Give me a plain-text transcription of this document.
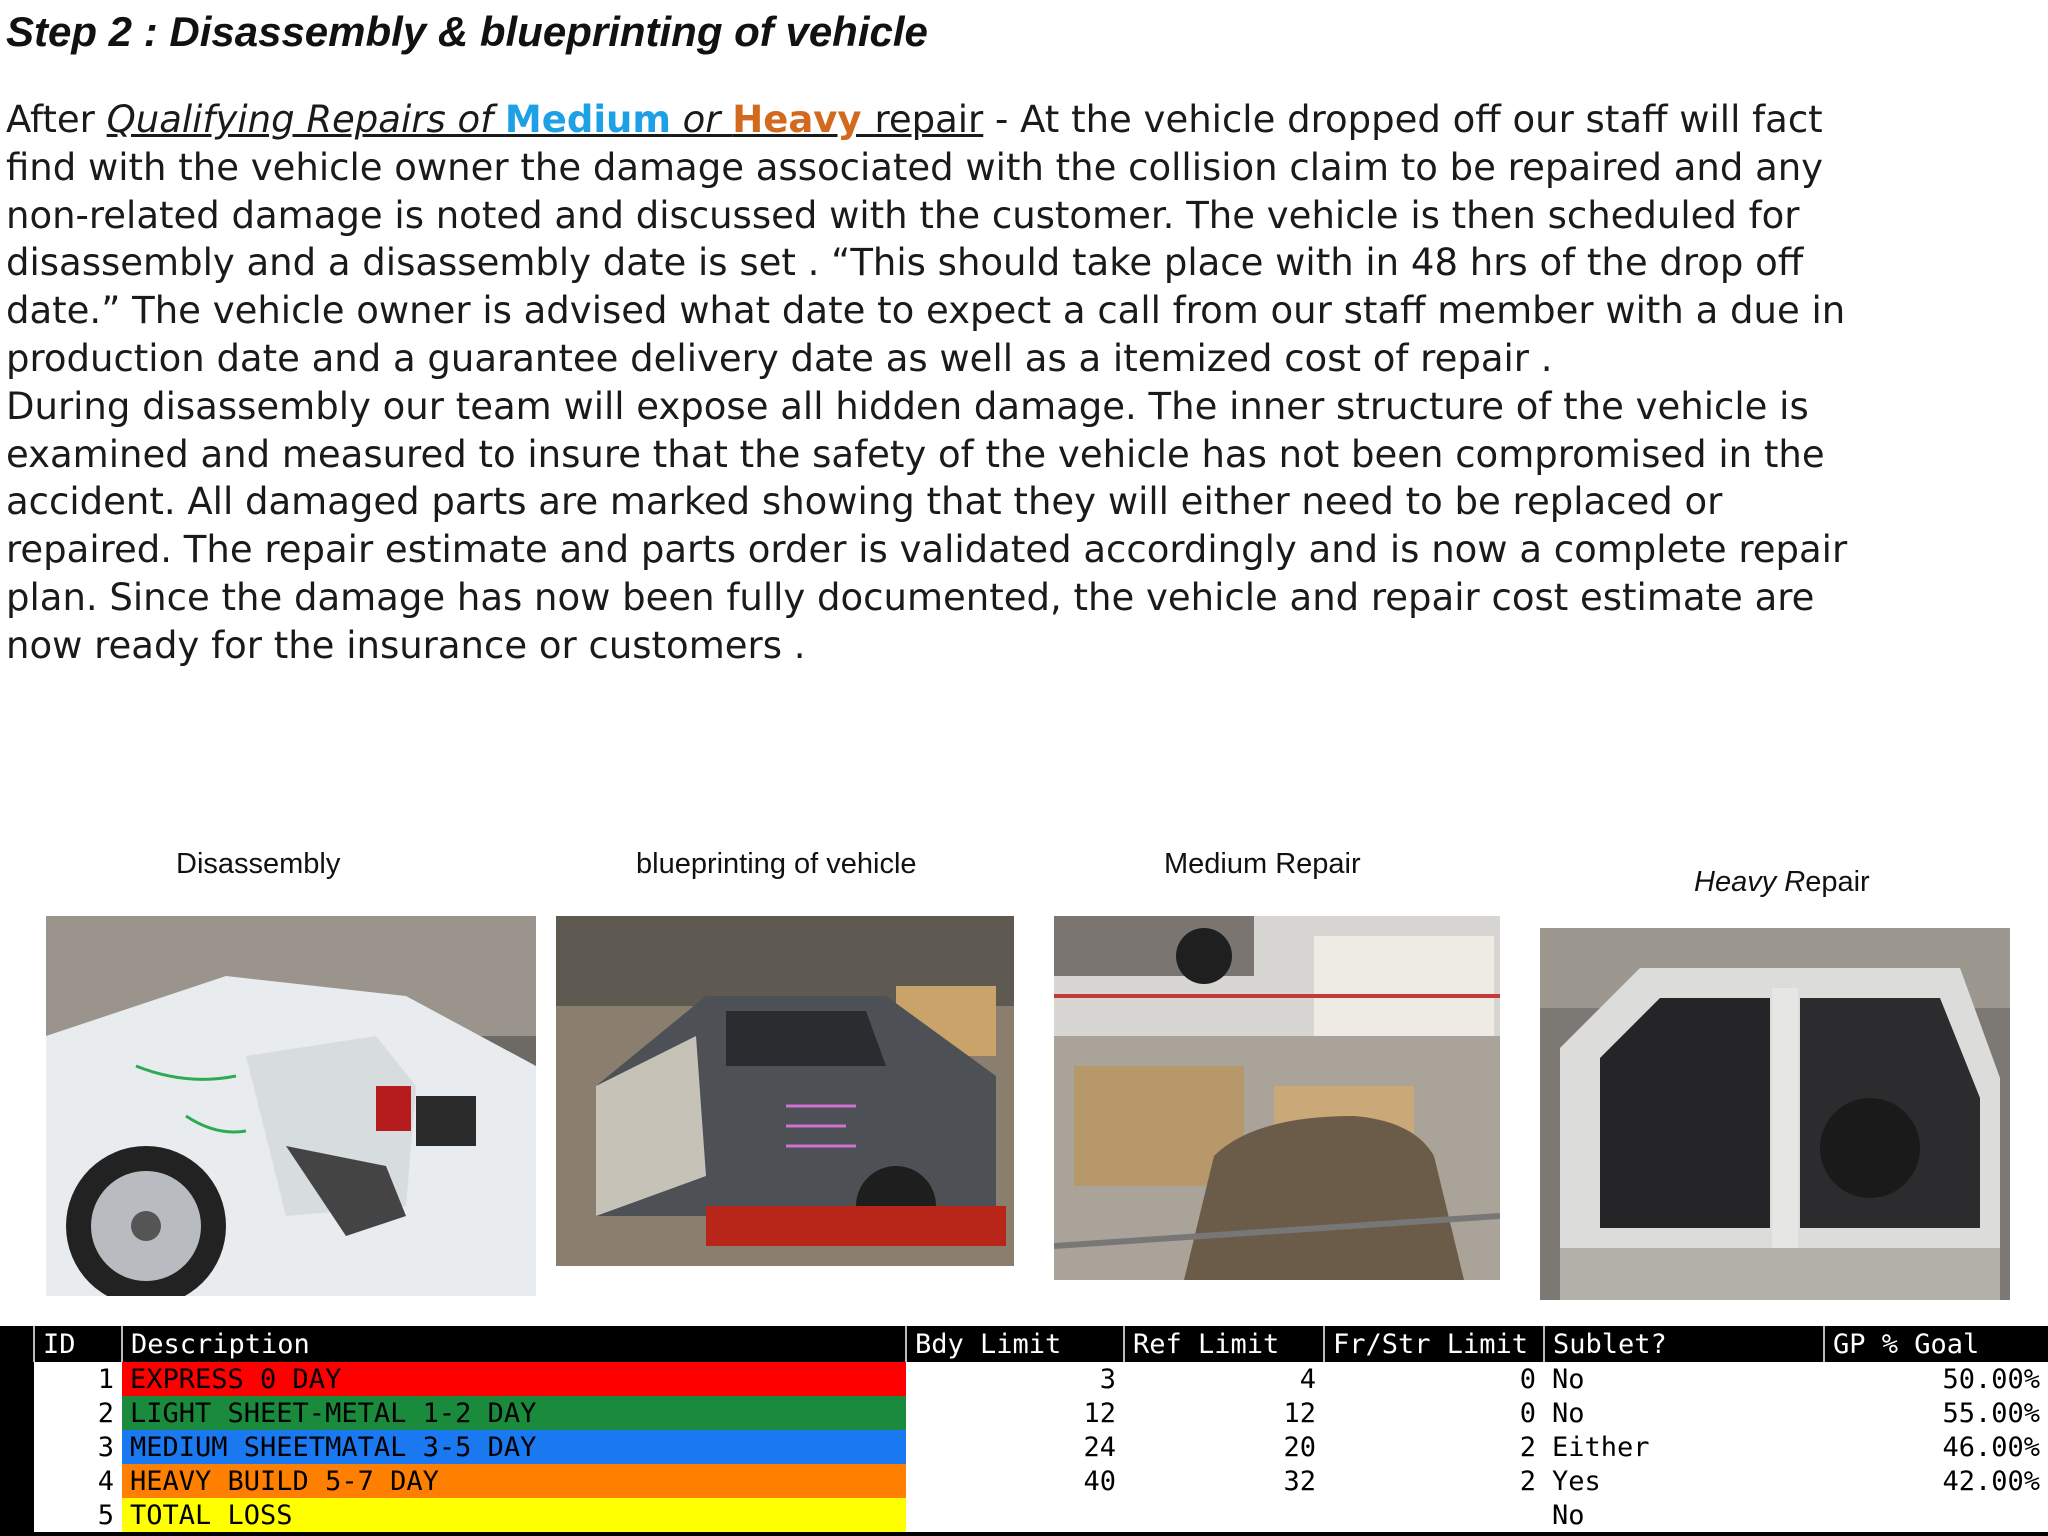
Step 2 : Disassembly & blueprinting of vehicle

After Qualifying Repairs of Medium or Heavy repair - At the vehicle dropped off our staff will fact
find with the vehicle owner the damage associated with the collision claim to be repaired and any
non-related damage is noted and discussed with the customer. The vehicle is then scheduled for
disassembly and a disassembly date is set . “This should take place with in 48 hrs of the drop off
date.” The vehicle owner is advised what date to expect a call from our staff member with a due in
production date and a guarantee delivery date as well as a itemized cost of repair .
During disassembly our team will expose all hidden damage. The inner structure of the vehicle is
examined and measured to insure that the safety of the vehicle has not been compromised in the
accident. All damaged parts are marked showing that they will either need to be replaced or
repaired. The repair estimate and parts order is validated accordingly and is now a complete repair
plan. Since the damage has now been fully documented, the vehicle and repair cost estimate are
now ready for the insurance or customers .

Disassembly	blueprinting of vehicle	Medium Repair
Heavy Repair
	ID	Description	Bdy Limit	Ref Limit	Fr/Str Limit	Sublet?	GP % Goal
	1	EXPRESS 0 DAY	3	4	0	No	50.00%
	2	LIGHT SHEET-METAL 1-2 DAY	12	12	0	No	55.00%
	3	MEDIUM SHEETMATAL 3-5 DAY	24	20	2	Either	46.00%
	4	HEAVY BUILD 5-7 DAY	40	32	2	Yes	42.00%
	5	TOTAL LOSS				No	
